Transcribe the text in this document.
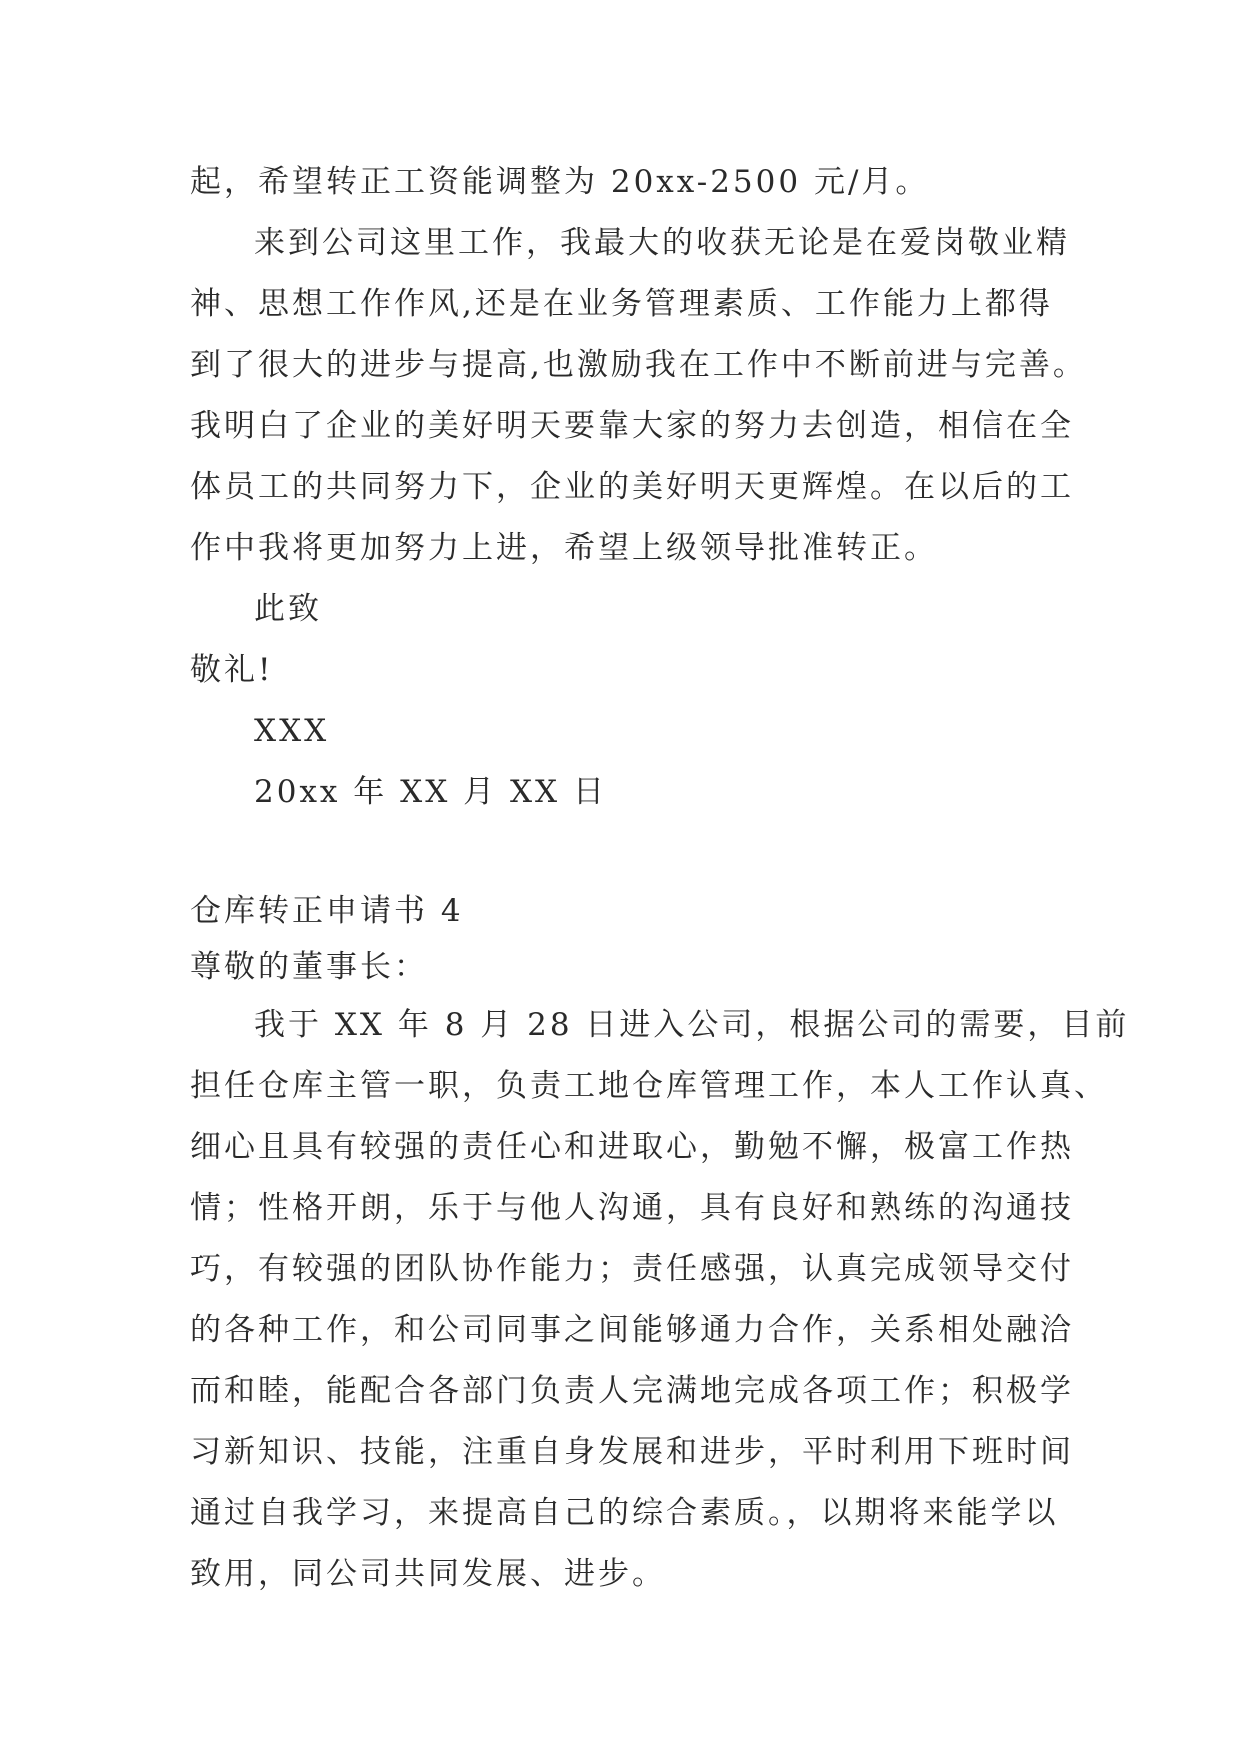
起，希望转正工资能调整为 20xx-2500 元/月。
来到公司这里工作，我最大的收获无论是在爱岗敬业精
神、思想工作作风,还是在业务管理素质、工作能力上都得
到了很大的进步与提高,也激励我在工作中不断前进与完善。
我明白了企业的美好明天要靠大家的努力去创造，相信在全
体员工的共同努力下，企业的美好明天更辉煌。在以后的工
作中我将更加努力上进，希望上级领导批准转正。
此致
敬礼!
XXX
20xx 年 XX 月 XX 日
仓库转正申请书 4
尊敬的董事长：
我于 XX 年 8 月 28 日进入公司，根据公司的需要，目前
担任仓库主管一职，负责工地仓库管理工作，本人工作认真、
细心且具有较强的责任心和进取心，勤勉不懈，极富工作热
情；性格开朗，乐于与他人沟通，具有良好和熟练的沟通技
巧，有较强的团队协作能力；责任感强，认真完成领导交付
的各种工作，和公司同事之间能够通力合作，关系相处融洽
而和睦，能配合各部门负责人完满地完成各项工作；积极学
习新知识、技能，注重自身发展和进步，平时利用下班时间
通过自我学习，来提高自己的综合素质。，以期将来能学以
致用，同公司共同发展、进步。
